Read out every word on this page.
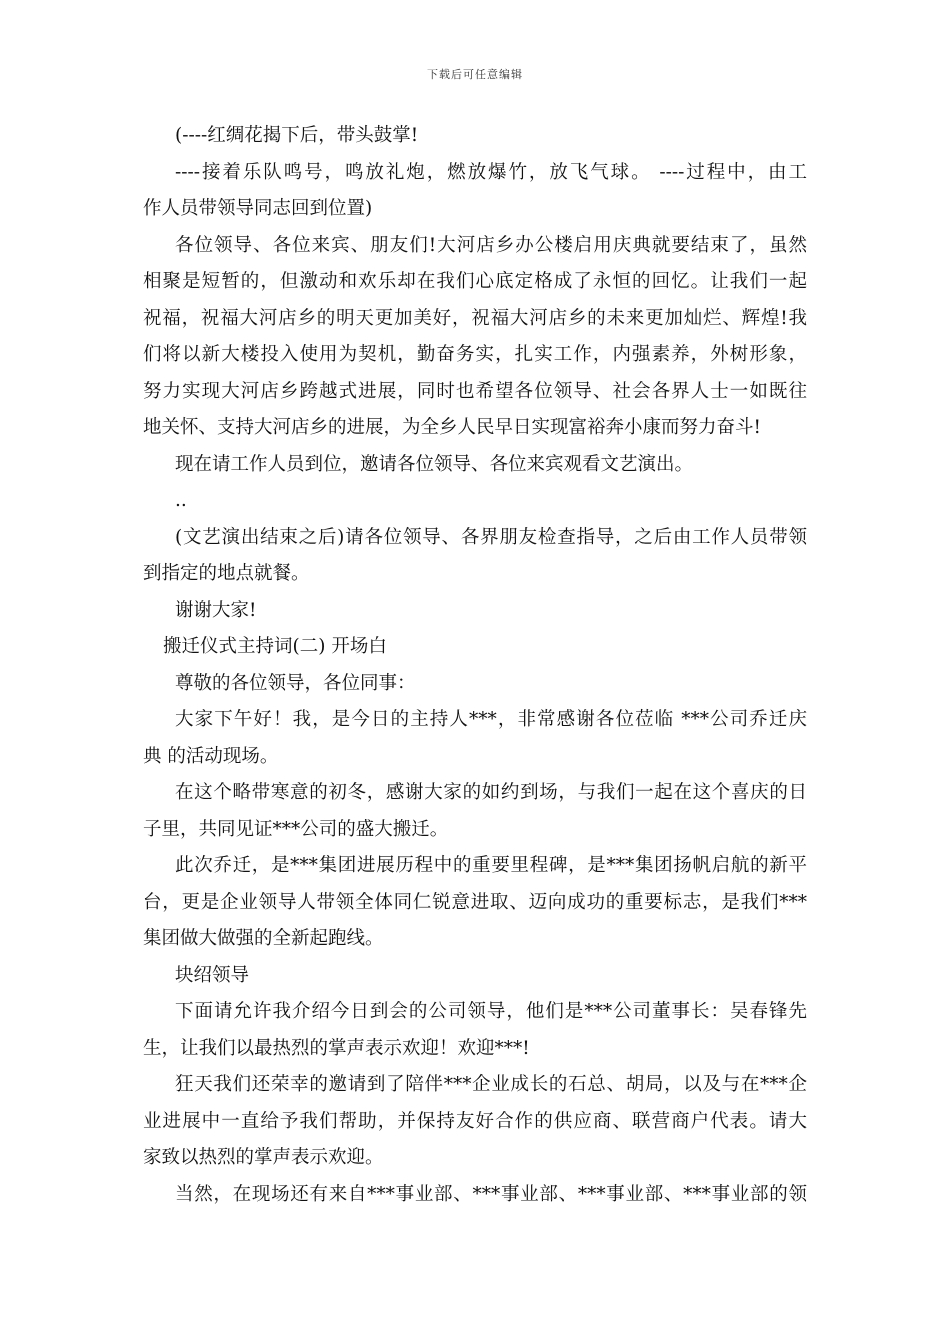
下载后可任意编辑
(----红绸花揭下后，带头鼓掌!
----接着乐队鸣号，鸣放礼炮，燃放爆竹，放飞气球。 ----过程中，由工
作人员带领导同志回到位置)
各位领导、各位来宾、朋友们!大河店乡办公楼启用庆典就要结束了，虽然
相聚是短暂的，但激动和欢乐却在我们心底定格成了永恒的回忆。让我们一起
祝福，祝福大河店乡的明天更加美好，祝福大河店乡的未来更加灿烂、辉煌!我
们将以新大楼投入使用为契机，勤奋务实，扎实工作，内强素养，外树形象，
努力实现大河店乡跨越式进展，同时也希望各位领导、社会各界人士一如既往
地关怀、支持大河店乡的进展，为全乡人民早日实现富裕奔小康而努力奋斗!
现在请工作人员到位，邀请各位领导、各位来宾观看文艺演出。
..
(文艺演出结束之后)请各位领导、各界朋友检查指导，之后由工作人员带领
到指定的地点就餐。
谢谢大家!
搬迁仪式主持词(二) 开场白
尊敬的各位领导，各位同事：
大家下午好！我，是今日的主持人***，非常感谢各位莅临 ***公司乔迁庆
典 的活动现场。
在这个略带寒意的初冬，感谢大家的如约到场，与我们一起在这个喜庆的日
子里，共同见证***公司的盛大搬迁。
此次乔迁，是***集团进展历程中的重要里程碑，是***集团扬帆启航的新平
台，更是企业领导人带领全体同仁锐意进取、迈向成功的重要标志，是我们***
集团做大做强的全新起跑线。
块绍领导
下面请允许我介绍今日到会的公司领导，他们是***公司董事长：吴春锋先
生，让我们以最热烈的掌声表示欢迎！欢迎***!
狂天我们还荣幸的邀请到了陪伴***企业成长的石总、胡局，以及与在***企
业进展中一直给予我们帮助，并保持友好合作的供应商、联营商户代表。请大
家致以热烈的掌声表示欢迎。
当然，在现场还有来自***事业部、***事业部、***事业部、***事业部的领
